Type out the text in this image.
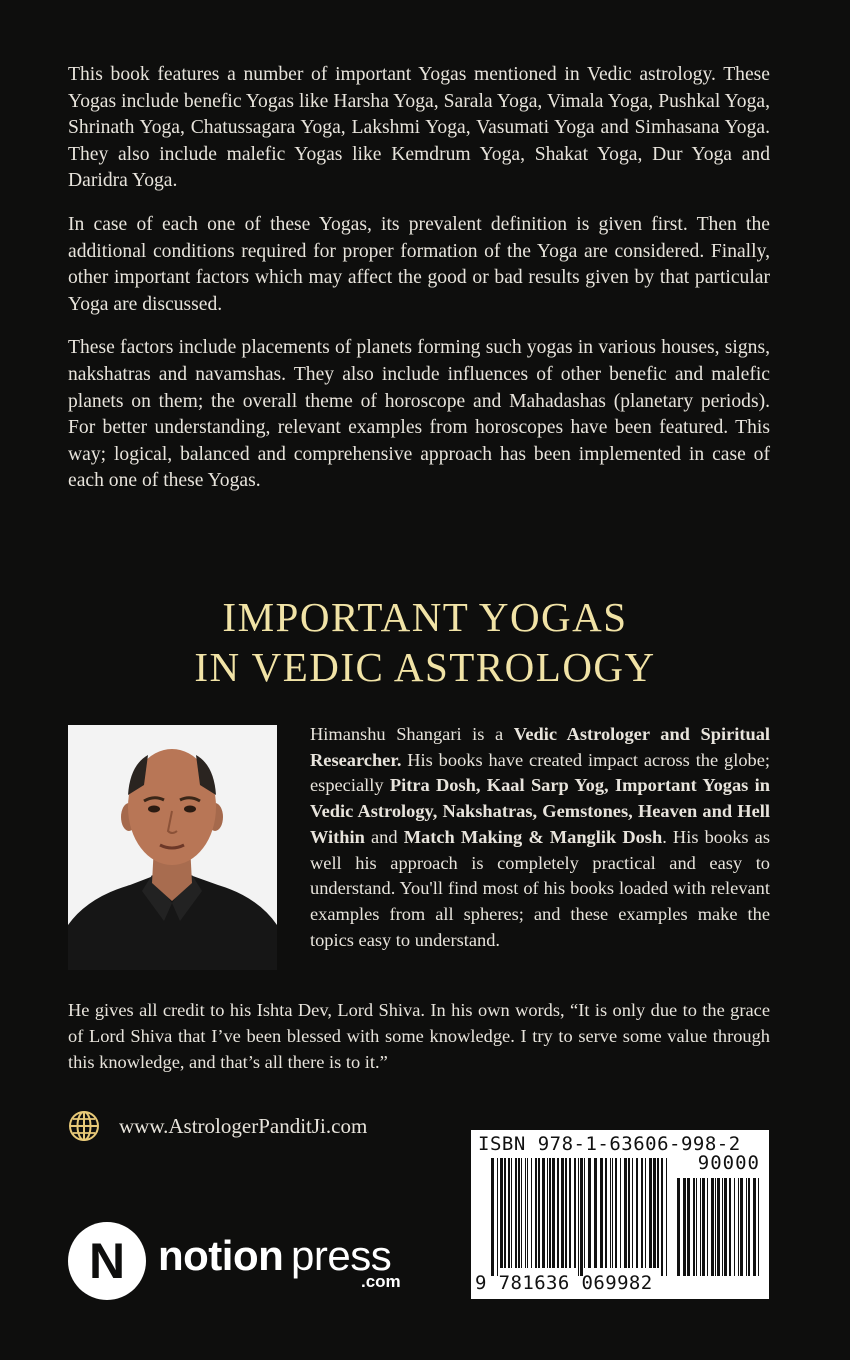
This book features a number of important Yogas mentioned in Vedic astrology. These Yogas include benefic Yogas like Harsha Yoga, Sarala Yoga, Vimala Yoga, Pushkal Yoga, Shrinath Yoga, Chatussagara Yoga, Lakshmi Yoga, Vasumati Yoga and Simhasana Yoga. They also include malefic Yogas like Kemdrum Yoga, Shakat Yoga, Dur Yoga and Daridra Yoga.

In case of each one of these Yogas, its prevalent definition is given first. Then the additional conditions required for proper formation of the Yoga are considered. Finally, other important factors which may affect the good or bad results given by that particular Yoga are discussed.

These factors include placements of planets forming such yogas in various houses, signs, nakshatras and navamshas. They also include influences of other benefic and malefic planets on them; the overall theme of horoscope and Mahadashas (planetary periods). For better understanding, relevant examples from horoscopes have been featured. This way; logical, balanced and comprehensive approach has been implemented in case of each one of these Yogas.

IMPORTANT YOGAS
IN VEDIC ASTROLOGY
Himanshu Shangari is a Vedic Astrologer and Spiritual Researcher. His books have created impact across the globe; especially Pitra Dosh, Kaal Sarp Yog, Important Yogas in Vedic Astrology, Nakshatras, Gemstones, Heaven and Hell Within and Match Making & Manglik Dosh. His books as well his approach is completely practical and easy to understand. You'll find most of his books loaded with relevant examples from all spheres; and these examples make the topics easy to understand.
He gives all credit to his Ishta Dev, Lord Shiva. In his own words, “It is only due to the grace of Lord Shiva that I’ve been blessed with some knowledge. I try to serve some value through this knowledge, and that’s all there is to it.”
www.AstrologerPanditJi.com
N notion press
.com
ISBN 978-1-63606-998-2
90000
9 781636 069982
